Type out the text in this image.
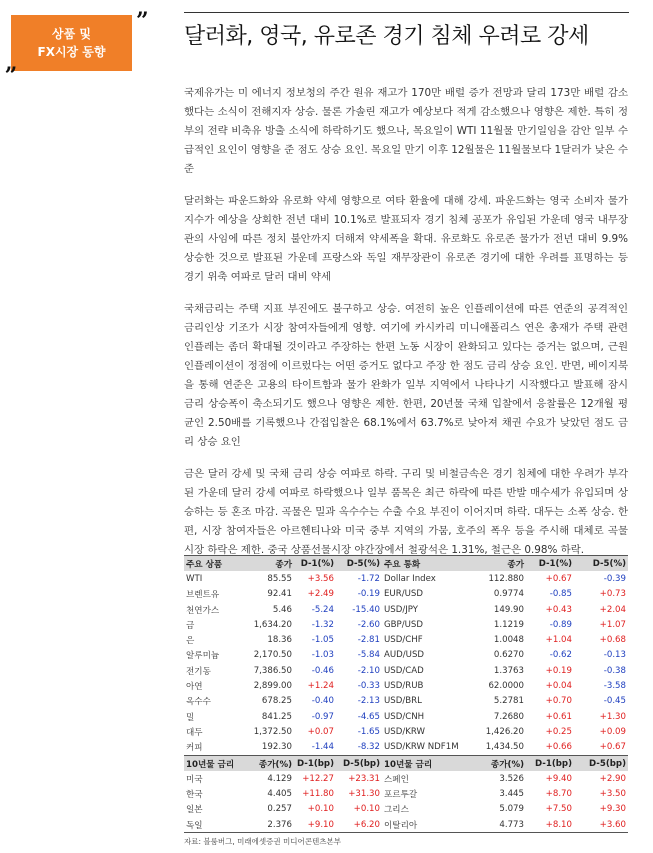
상품 및
FX시장 동향
”
„
달러화, 영국, 유로존 경기 침체 우려로 강세

국제유가는 미 에너지 정보청의 주간 원유 재고가 170만 배럴 증가 전망과 달리 173만 배럴 감소했다는 소식이 전해지자 상승. 물론 가솔린 재고가 예상보다 적게 감소했으나 영향은 제한. 특히 정부의 전략 비축유 방출 소식에 하락하기도 했으나, 목요일이 WTI 11월물 만기일임을 감안 일부 수급적인 요인이 영향을 준 점도 상승 요인. 목요일 만기 이후 12월물은 11월물보다 1달러가 낮은 수준

달러화는 파운드화와 유로화 약세 영향으로 여타 환율에 대해 강세. 파운드화는 영국 소비자 물가지수가 예상을 상회한 전년 대비 10.1%로 발표되자 경기 침체 공포가 유입된 가운데 영국 내무장관의 사임에 따른 정치 불안까지 더해져 약세폭을 확대. 유로화도 유로존 물가가 전년 대비 9.9% 상승한 것으로 발표된 가운데 프랑스와 독일 재무장관이 유로존 경기에 대한 우려를 표명하는 등 경기 위축 여파로 달러 대비 약세

국채금리는 주택 지표 부진에도 불구하고 상승. 여전히 높은 인플레이션에 따른 연준의 공격적인 금리인상 기조가 시장 참여자들에게 영향. 여기에 카시카리 미니애폴리스 연은 총재가 주택 관련 인플레는 좀더 확대될 것이라고 주장하는 한편 노동 시장이 완화되고 있다는 증거는 없으며, 근원 인플레이션이 정점에 이르렀다는 어떤 증거도 없다고 주장 한 점도 금리 상승 요인. 반면, 베이지북을 통해 연준은 고용의 타이트함과 물가 완화가 일부 지역에서 나타나기 시작했다고 발표해 잠시 금리 상승폭이 축소되기도 했으나 영향은 제한. 한편, 20년물 국채 입찰에서 응찰률은 12개월 평균인 2.50배를 기록했으나 간접입찰은 68.1%에서 63.7%로 낮아져 채권 수요가 낮았던 점도 금리 상승 요인

금은 달러 강세 및 국채 금리 상승 여파로 하락. 구리 및 비철금속은 경기 침체에 대한 우려가 부각된 가운데 달러 강세 여파로 하락했으나 일부 품목은 최근 하락에 따른 반발 매수세가 유입되며 상승하는 등 혼조 마감. 곡물은 밀과 옥수수는 수출 수요 부진이 이어지며 하락. 대두는 소폭 상승. 한편, 시장 참여자들은 아르헨티나와 미국 중부 지역의 가뭄, 호주의 폭우 등을 주시해 대체로 곡물 시장 하락은 제한. 중국 상품선물시장 야간장에서 철광석은 1.31%, 철근은 0.98% 하락.

주요 상품	종가	D-1(%)	D-5(%)	주요 통화	종가	D-1(%)	D-5(%)
WTI	85.55	+3.56	-1.72	Dollar Index	112.880	+0.67	-0.39
브렌트유	92.41	+2.49	-0.19	EUR/USD	0.9774	-0.85	+0.73
천연가스	5.46	-5.24	-15.40	USD/JPY	149.90	+0.43	+2.04
금	1,634.20	-1.32	-2.60	GBP/USD	1.1219	-0.89	+1.07
은	18.36	-1.05	-2.81	USD/CHF	1.0048	+1.04	+0.68
알루미늄	2,170.50	-1.03	-5.84	AUD/USD	0.6270	-0.62	-0.13
전기동	7,386.50	-0.46	-2.10	USD/CAD	1.3763	+0.19	-0.38
아연	2,899.00	+1.24	-0.33	USD/RUB	62.0000	+0.04	-3.58
옥수수	678.25	-0.40	-2.13	USD/BRL	5.2781	+0.70	-0.45
밀	841.25	-0.97	-4.65	USD/CNH	7.2680	+0.61	+1.30
대두	1,372.50	+0.07	-1.65	USD/KRW	1,426.20	+0.25	+0.09
커피	192.30	-1.44	-8.32	USD/KRW NDF1M	1,434.50	+0.66	+0.67
10년물 금리	종가(%)	D-1(bp)	D-5(bp)	10년물 금리	종가(%)	D-1(bp)	D-5(bp)
미국	4.129	+12.27	+23.31	스페인	3.526	+9.40	+2.90
한국	4.405	+11.80	+31.30	포르투갈	3.445	+8.70	+3.50
일본	0.257	+0.10	+0.10	그리스	5.079	+7.50	+9.30
독일	2.376	+9.10	+6.20	이탈리아	4.773	+8.10	+3.60
자료: 블룸버그, 미래에셋증권 미디어콘텐츠본부
